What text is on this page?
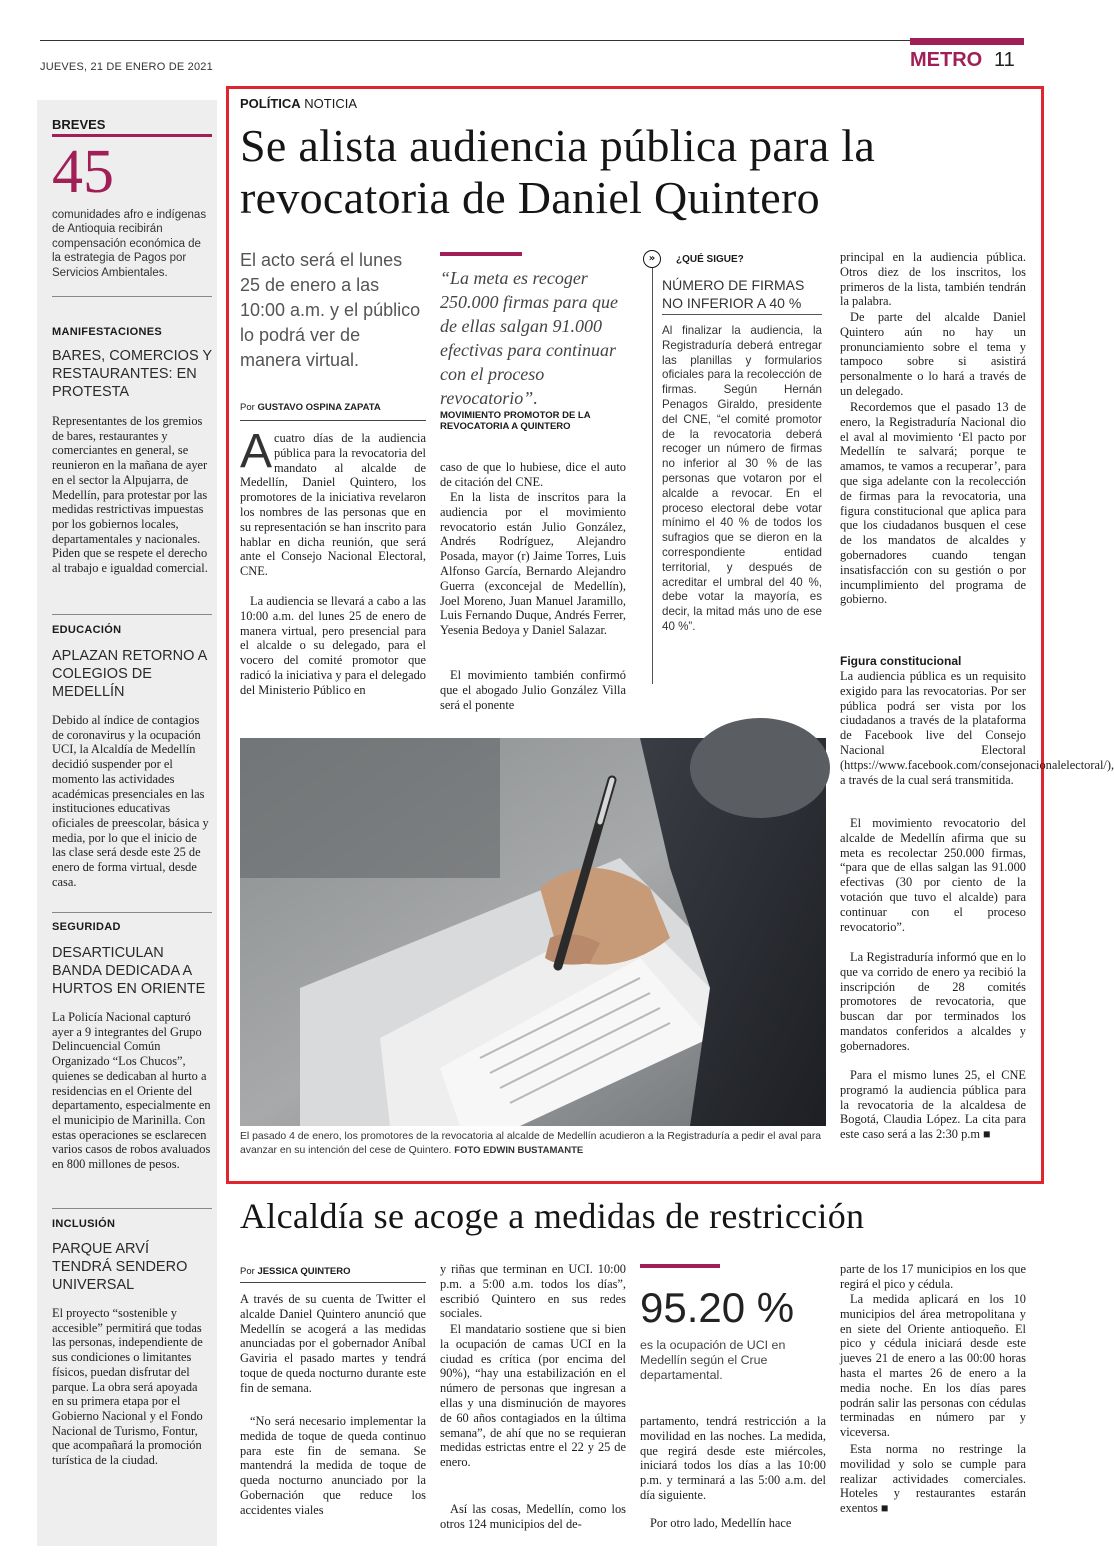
JUEVES, 21 DE ENERO DE 2021	METRO 11
BREVES
45
comunidades afro e indígenas de Antioquia recibirán compensación económica de la estrategia de Pagos por Servicios Ambientales.
MANIFESTACIONES
BARES, COMERCIOS Y RESTAURANTES: EN PROTESTA
Representantes de los gremios de bares, restaurantes y comerciantes en general, se reunieron en la mañana de ayer en el sector la Alpujarra, de Medellín, para protestar por las medidas restrictivas impuestas por los gobiernos locales, departamentales y nacionales. Piden que se respete el derecho al trabajo e igualdad comercial.
EDUCACIÓN
APLAZAN RETORNO A COLEGIOS DE MEDELLÍN
Debido al índice de contagios de coronavirus y la ocupación UCI, la Alcaldía de Medellín decidió suspender por el momento las actividades académicas presenciales en las instituciones educativas oficiales de preescolar, básica y media, por lo que el inicio de las clase será desde este 25 de enero de forma virtual, desde casa.
SEGURIDAD
DESARTICULAN BANDA DEDICADA A HURTOS EN ORIENTE
La Policía Nacional capturó ayer a 9 integrantes del Grupo Delincuencial Común Organizado “Los Chucos”, quienes se dedicaban al hurto a residencias en el Oriente del departamento, especialmente en el municipio de Marinilla. Con estas operaciones se esclarecen varios casos de robos avaluados en 800 millones de pesos.
INCLUSIÓN
PARQUE ARVÍ TENDRÁ SENDERO UNIVERSAL
El proyecto “sostenible y accesible” permitirá que todas las personas, independiente de sus condiciones o limitantes físicos, puedan disfrutar del parque. La obra será apoyada en su primera etapa por el Gobierno Nacional y el Fondo Nacional de Turismo, Fontur, que acompañará la promoción turística de la ciudad.
POLÍTICA NOTICIA
Se alista audiencia pública para la revocatoria de Daniel Quintero
El acto será el lunes 25 de enero a las 10:00 a.m. y el público lo podrá ver de manera virtual.
Por GUSTAVO OSPINA ZAPATA
A cuatro días de la audiencia pública para la revocatoria del mandato al alcalde de Medellín, Daniel Quintero, los promotores de la iniciativa revelaron los nombres de las personas que en su representación se han inscrito para hablar en dicha reunión, que será ante el Consejo Nacional Electoral, CNE.
La audiencia se llevará a cabo a las 10:00 a.m. del lunes 25 de enero de manera virtual, pero presencial para el alcalde o su delegado, para el vocero del comité promotor que radicó la iniciativa y para el delegado del Ministerio Público en
“La meta es recoger 250.000 firmas para que de ellas salgan 91.000 efectivas para continuar con el proceso revocatorio”.
MOVIMIENTO PROMOTOR DE LA REVOCATORIA A QUINTERO
caso de que lo hubiese, dice el auto de citación del CNE.
En la lista de inscritos para la audiencia por el movimiento revocatorio están Julio González, Andrés Rodríguez, Alejandro Posada, mayor (r) Jaime Torres, Luis Alfonso García, Bernardo Alejandro Guerra (exconcejal de Medellín), Joel Moreno, Juan Manuel Jaramillo, Luis Fernando Duque, Andrés Ferrer, Yesenia Bedoya y Daniel Salazar.
El movimiento también confirmó que el abogado Julio González Villa será el ponente
»	¿QUÉ SIGUE?
NÚMERO DE FIRMAS NO INFERIOR A 40 %
Al finalizar la audiencia, la Registraduría deberá entregar las planillas y formularios oficiales para la recolección de firmas. Según Hernán Penagos Giraldo, presidente del CNE, “el comité promotor de la revocatoria deberá recoger un número de firmas no inferior al 30 % de las personas que votaron por el alcalde a revocar. En el proceso electoral debe votar mínimo el 40 % de todos los sufragios que se dieron en la correspondiente entidad territorial, y después de acreditar el umbral del 40 %, debe votar la mayoría, es decir, la mitad más uno de ese 40 %”.
principal en la audiencia pública. Otros diez de los inscritos, los primeros de la lista, también tendrán la palabra.
De parte del alcalde Daniel Quintero aún no hay un pronunciamiento sobre el tema y tampoco sobre si asistirá personalmente o lo hará a través de un delegado.
Recordemos que el pasado 13 de enero, la Registraduría Nacional dio el aval al movimiento ‘El pacto por Medellín te salvará; porque te amamos, te vamos a recuperar’, para que siga adelante con la recolección de firmas para la revocatoria, una figura constitucional que aplica para que los ciudadanos busquen el cese de los mandatos de alcaldes y gobernadores cuando tengan insatisfacción con su gestión o por incumplimiento del programa de gobierno.
Figura constitucional
La audiencia pública es un requisito exigido para las revocatorias. Por ser pública podrá ser vista por los ciudadanos a través de la plataforma de Facebook live del Consejo Nacional Electoral (https://www.facebook.com/consejonacionalelectoral/), a través de la cual será transmitida.
El movimiento revocatorio del alcalde de Medellín afirma que su meta es recolectar 250.000 firmas, “para que de ellas salgan las 91.000 efectivas (30 por ciento de la votación que tuvo el alcalde) para continuar con el proceso revocatorio”.
La Registraduría informó que en lo que va corrido de enero ya recibió la inscripción de 28 comités promotores de revocatoria, que buscan dar por terminados los mandatos conferidos a alcaldes y gobernadores.
Para el mismo lunes 25, el CNE programó la audiencia pública para la revocatoria de la alcaldesa de Bogotá, Claudia López. La cita para este caso será a las 2:30 p.m ■
El pasado 4 de enero, los promotores de la revocatoria al alcalde de Medellín acudieron a la Registraduría a pedir el aval para avanzar en su intención del cese de Quintero. FOTO EDWIN BUSTAMANTE
Alcaldía se acoge a medidas de restricción
Por JESSICA QUINTERO
A través de su cuenta de Twitter el alcalde Daniel Quintero anunció que Medellín se acogerá a las medidas anunciadas por el gobernador Aníbal Gaviria el pasado martes y tendrá toque de queda nocturno durante este fin de semana.
“No será necesario implementar la medida de toque de queda continuo para este fin de semana. Se mantendrá la medida de toque de queda nocturno anunciado por la Gobernación que reduce los accidentes viales
y riñas que terminan en UCI. 10:00 p.m. a 5:00 a.m. todos los días”, escribió Quintero en sus redes sociales.
El mandatario sostiene que si bien la ocupación de camas UCI en la ciudad es crítica (por encima del 90%), “hay una estabilización en el número de personas que ingresan a ellas y una disminución de mayores de 60 años contagiados en la última semana”, de ahí que no se requieran medidas estrictas entre el 22 y 25 de enero.
Así las cosas, Medellín, como los otros 124 municipios del de-
95.20 %
es la ocupación de UCI en Medellín según el Crue departamental.
partamento, tendrá restricción a la movilidad en las noches. La medida, que regirá desde este miércoles, iniciará todos los días a las 10:00 p.m. y terminará a las 5:00 a.m. del día siguiente.
Por otro lado, Medellín hace
parte de los 17 municipios en los que regirá el pico y cédula.
La medida aplicará en los 10 municipios del área metropolitana y en siete del Oriente antioqueño. El pico y cédula iniciará desde este jueves 21 de enero a las 00:00 horas hasta el martes 26 de enero a la media noche. En los días pares podrán salir las personas con cédulas terminadas en número par y viceversa.
Esta norma no restringe la movilidad y solo se cumple para realizar actividades comerciales. Hoteles y restaurantes estarán exentos ■
